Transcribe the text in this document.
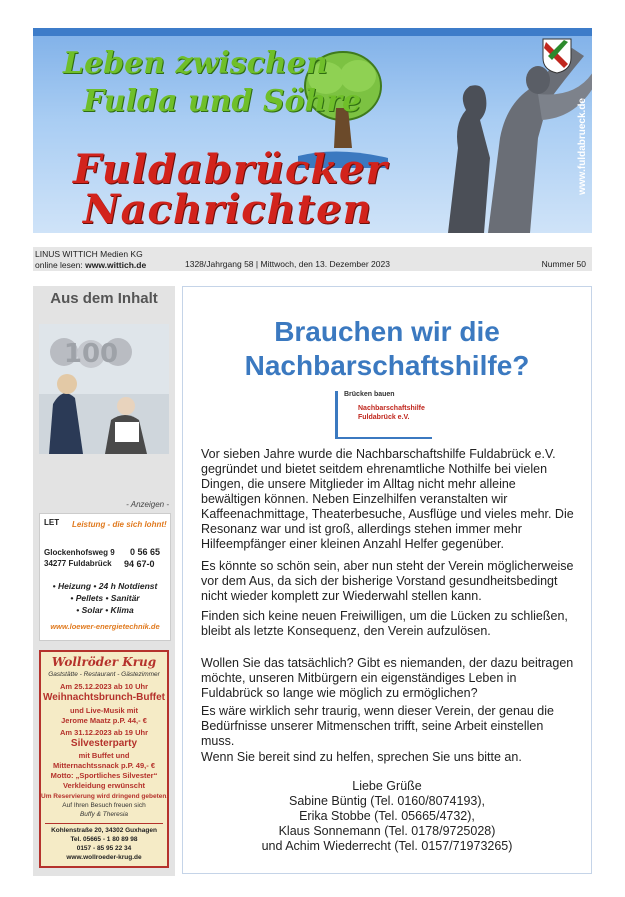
Leben zwischen
Fulda und Söhre
Fuldabrücker
Nachrichten
www.fuldabrueck.de
LINUS WITTICH Medien KG
online lesen: www.wittich.de	1328/Jahrgang 58 | Mittwoch, den 13. Dezember 2023	Nummer 50
Aus dem Inhalt
100
- Anzeigen -
LET Leistung - die sich lohnt!
Glockenhofsweg 9
34277 Fuldabrück
0 56 65
94 67-0
• Heizung • 24 h Notdienst
• Pellets • Sanitär
• Solar • Klima
www.loewer-energietechnik.de
Wollröder Krug
Gaststätte - Restaurant - Gästezimmer
Am 25.12.2023 ab 10 Uhr
Weihnachtsbrunch-Buffet
und Live-Musik mit
Jerome Maatz p.P. 44,- €
Am 31.12.2023 ab 19 Uhr
Silvesterparty
mit Buffet und
Mitternachtssnack p.P. 49,- €
Motto: „Sportliches Silvester“
Verkleidung erwünscht
Um Reservierung wird dringend gebeten.
Auf Ihren Besuch freuen sich
Buffy & Theresia
Kohlenstraße 20, 34302 Guxhagen
Tel. 05665 - 1 80 89 98
0157 - 85 95 22 34
www.wollroeder-krug.de
Brauchen wir die
Nachbarschaftshilfe?
Brücken bauen
Nachbarschaftshilfe
Fuldabrück e.V.
Vor sieben Jahre wurde die Nachbarschaftshilfe Fuldabrück e.V. gegründet und bietet seitdem ehrenamtliche Nothilfe bei vielen Dingen, die unsere Mitglieder im Alltag nicht mehr alleine bewältigen können. Neben Einzelhilfen veranstalten wir Kaffeenachmittage, Theaterbesuche, Ausflüge und vieles mehr. Die Resonanz war und ist groß, allerdings stehen immer mehr Hilfeempfänger einer kleinen Anzahl Helfer gegenüber.
Es könnte so schön sein, aber nun steht der Verein möglicherweise vor dem Aus, da sich der bisherige Vorstand gesundheitsbedingt nicht wieder komplett zur Wiederwahl stellen kann.
Finden sich keine neuen Freiwilligen, um die Lücken zu schließen, bleibt als letzte Konsequenz, den Verein aufzulösen.
Wollen Sie das tatsächlich? Gibt es niemanden, der dazu beitragen möchte, unseren Mitbürgern ein eigenständiges Leben in Fuldabrück so lange wie möglich zu ermöglichen?
Es wäre wirklich sehr traurig, wenn dieser Verein, der genau die Bedürfnisse unserer Mitmenschen trifft, seine Arbeit einstellen muss.
Wenn Sie bereit sind zu helfen, sprechen Sie uns bitte an.
Liebe Grüße
Sabine Büntig (Tel. 0160/8074193),
Erika Stobbe (Tel. 05665/4732),
Klaus Sonnemann (Tel. 0178/9725028)
und Achim Wiederrecht (Tel. 0157/71973265)
